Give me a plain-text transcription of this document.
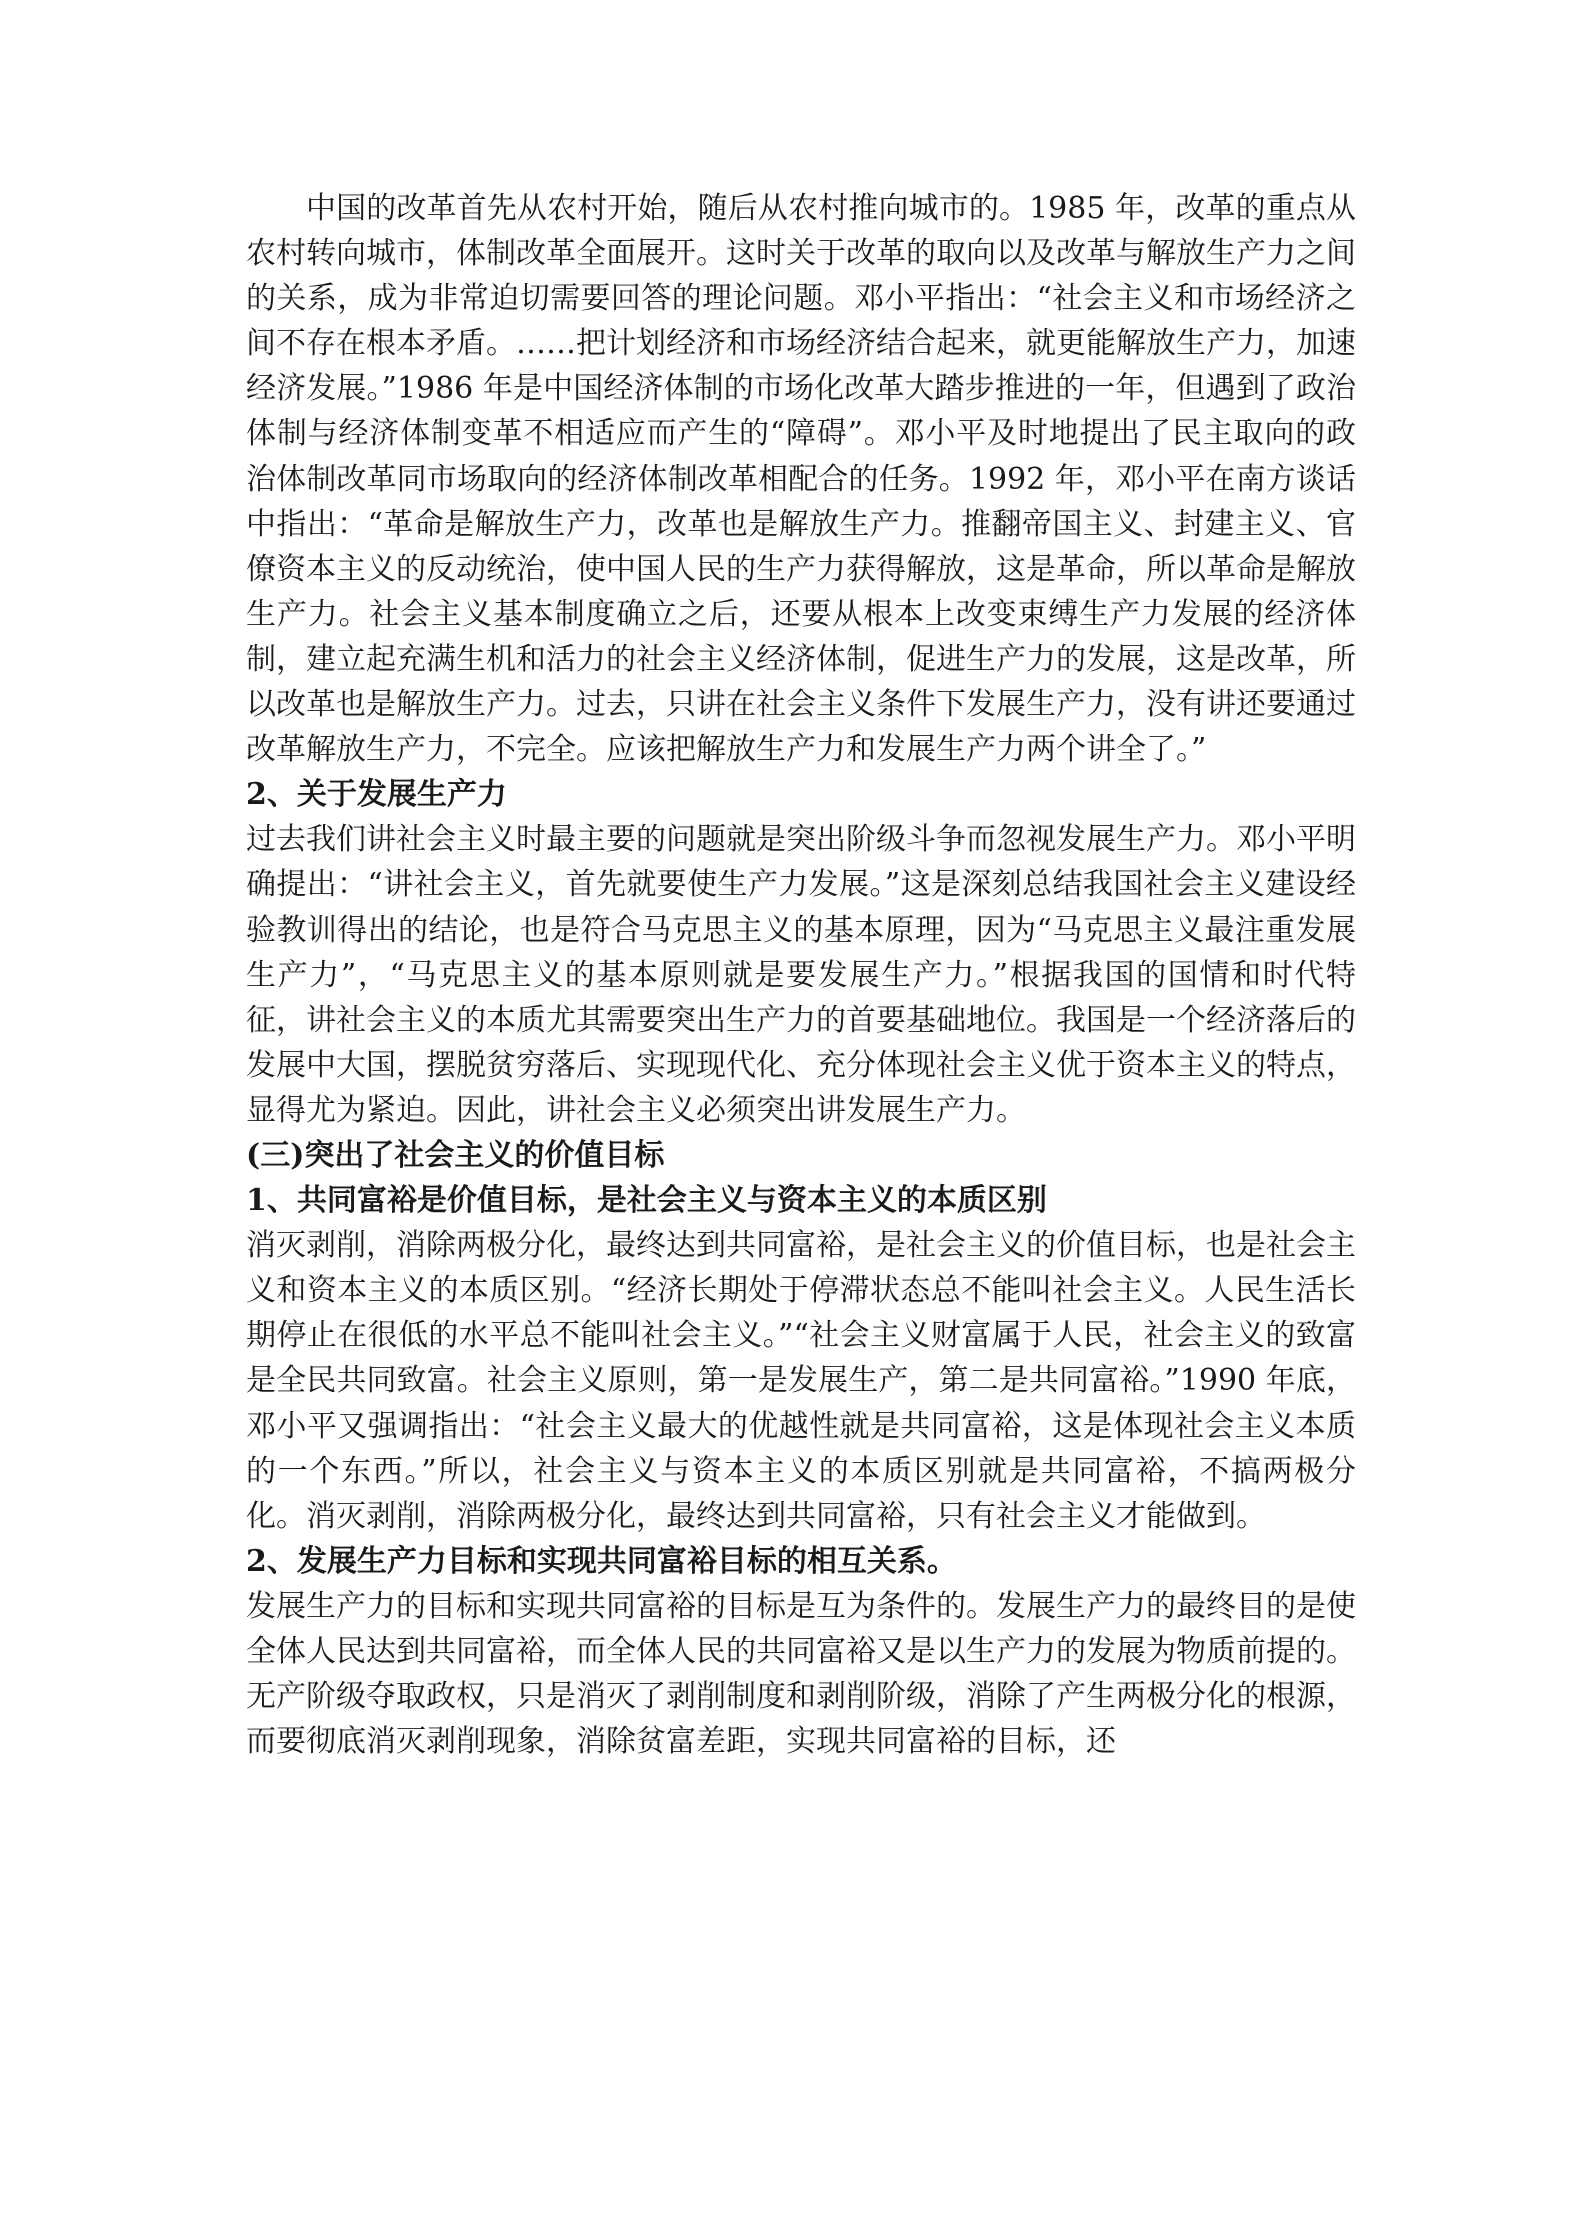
中国的改革首先从农村开始，随后从农村推向城市的。1985 年，改革的重点从农村转向城市，体制改革全面展开。这时关于改革的取向以及改革与解放生产力之间的关系，成为非常迫切需要回答的理论问题。邓小平指出：“社会主义和市场经济之间不存在根本矛盾。……把计划经济和市场经济结合起来，就更能解放生产力，加速经济发展。”1986 年是中国经济体制的市场化改革大踏步推进的一年，但遇到了政治体制与经济体制变革不相适应而产生的“障碍”。邓小平及时地提出了民主取向的政治体制改革同市场取向的经济体制改革相配合的任务。1992 年，邓小平在南方谈话中指出：“革命是解放生产力，改革也是解放生产力。推翻帝国主义、封建主义、官僚资本主义的反动统治，使中国人民的生产力获得解放，这是革命，所以革命是解放生产力。社会主义基本制度确立之后，还要从根本上改变束缚生产力发展的经济体制，建立起充满生机和活力的社会主义经济体制，促进生产力的发展，这是改革，所以改革也是解放生产力。过去，只讲在社会主义条件下发展生产力，没有讲还要通过改革解放生产力，不完全。应该把解放生产力和发展生产力两个讲全了。”

2、关于发展生产力

过去我们讲社会主义时最主要的问题就是突出阶级斗争而忽视发展生产力。邓小平明确提出：“讲社会主义，首先就要使生产力发展。”这是深刻总结我国社会主义建设经验教训得出的结论，也是符合马克思主义的基本原理，因为“马克思主义最注重发展生产力”，“马克思主义的基本原则就是要发展生产力。”根据我国的国情和时代特征，讲社会主义的本质尤其需要突出生产力的首要基础地位。我国是一个经济落后的发展中大国，摆脱贫穷落后、实现现代化、充分体现社会主义优于资本主义的特点，显得尤为紧迫。因此，讲社会主义必须突出讲发展生产力。

(三)突出了社会主义的价值目标

1、共同富裕是价值目标，是社会主义与资本主义的本质区别

消灭剥削，消除两极分化，最终达到共同富裕，是社会主义的价值目标，也是社会主义和资本主义的本质区别。“经济长期处于停滞状态总不能叫社会主义。人民生活长期停止在很低的水平总不能叫社会主义。”“社会主义财富属于人民，社会主义的致富是全民共同致富。社会主义原则，第一是发展生产，第二是共同富裕。”1990 年底，邓小平又强调指出：“社会主义最大的优越性就是共同富裕，这是体现社会主义本质的一个东西。”所以，社会主义与资本主义的本质区别就是共同富裕，不搞两极分化。消灭剥削，消除两极分化，最终达到共同富裕，只有社会主义才能做到。

2、发展生产力目标和实现共同富裕目标的相互关系。

发展生产力的目标和实现共同富裕的目标是互为条件的。发展生产力的最终目的是使全体人民达到共同富裕，而全体人民的共同富裕又是以生产力的发展为物质前提的。无产阶级夺取政权，只是消灭了剥削制度和剥削阶级，消除了产生两极分化的根源，而要彻底消灭剥削现象，消除贫富差距，实现共同富裕的目标，还
